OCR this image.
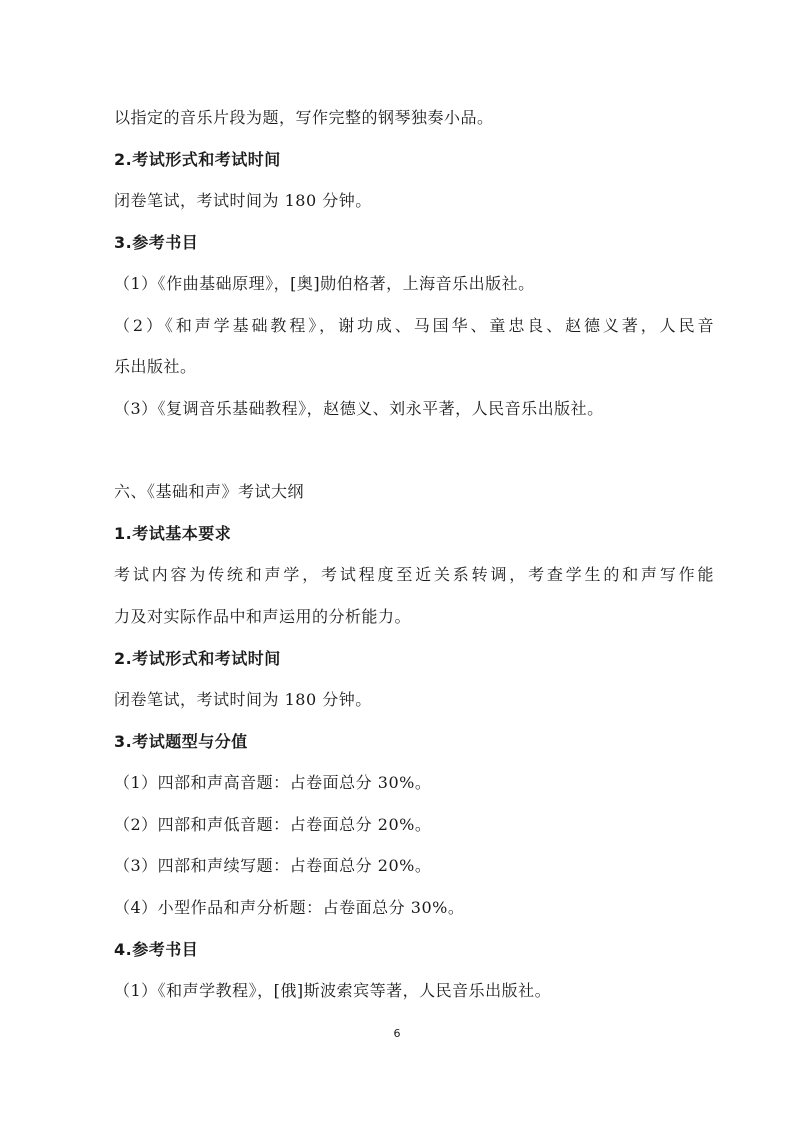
以指定的音乐片段为题，写作完整的钢琴独奏小品。
2.考试形式和考试时间
闭卷笔试，考试时间为 180 分钟。
3.参考书目
（1）《作曲基础原理》，[奥]勋伯格著，上海音乐出版社。
（2）《和声学基础教程》，谢功成、马国华、童忠良、赵德义著，人民音
乐出版社。
（3）《复调音乐基础教程》，赵德义、刘永平著，人民音乐出版社。
六、《基础和声》考试大纲
1.考试基本要求
考试内容为传统和声学，考试程度至近关系转调，考查学生的和声写作能
力及对实际作品中和声运用的分析能力。
2.考试形式和考试时间
闭卷笔试，考试时间为 180 分钟。
3.考试题型与分值
（1）四部和声高音题：占卷面总分 30%。
（2）四部和声低音题：占卷面总分 20%。
（3）四部和声续写题：占卷面总分 20%。
（4）小型作品和声分析题：占卷面总分 30%。
4.参考书目
（1）《和声学教程》，[俄]斯波索宾等著，人民音乐出版社。
6
